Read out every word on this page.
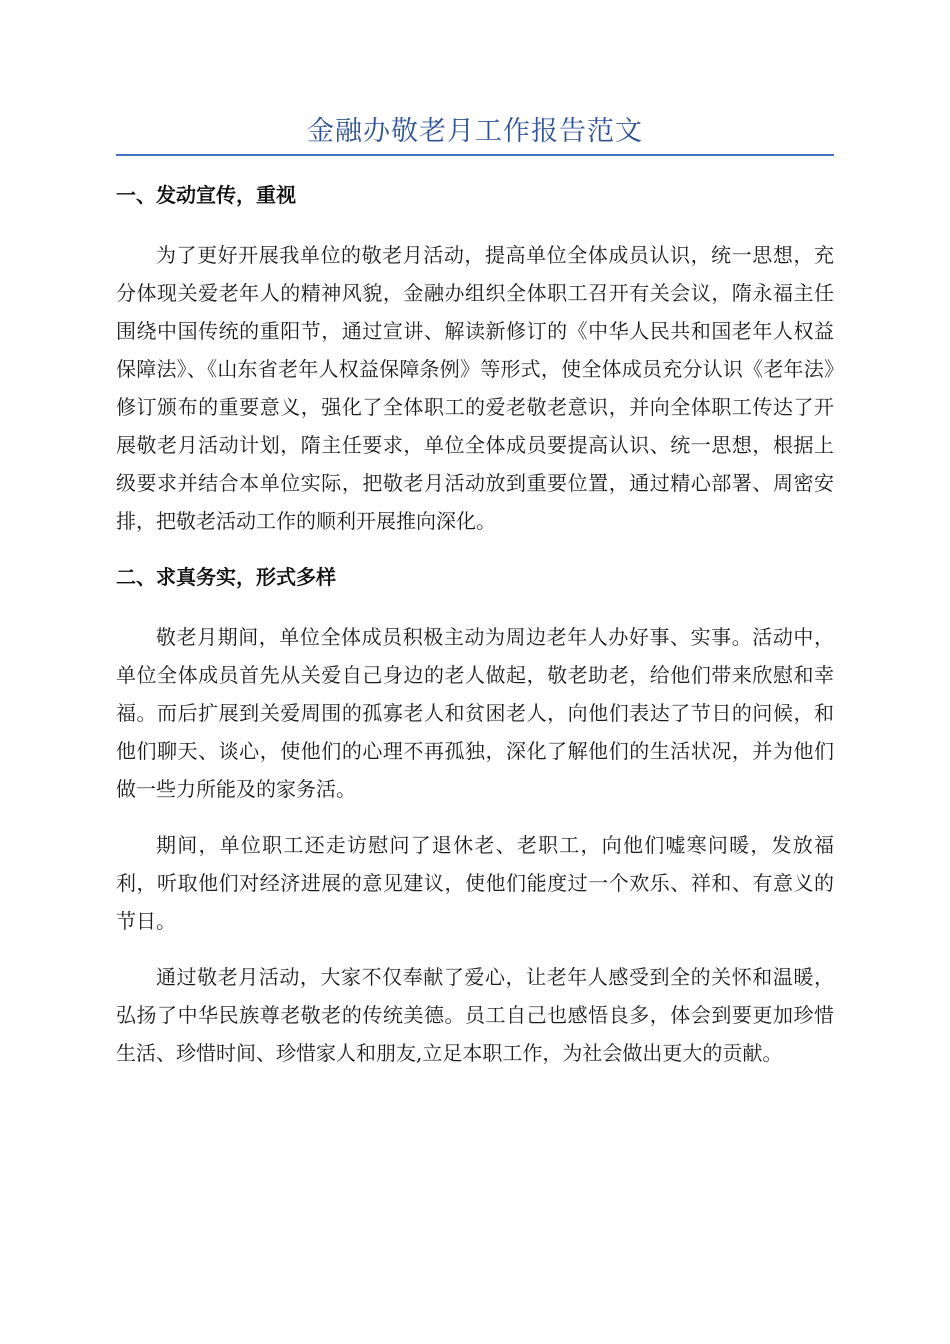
金融办敬老月工作报告范文
一、发动宣传，重视

为了更好开展我单位的敬老月活动，提高单位全体成员认识，统一思想，充分体现关爱老年人的精神风貌，金融办组织全体职工召开有关会议，隋永福主任围绕中国传统的重阳节，通过宣讲、解读新修订的《中华人民共和国老年人权益保障法》、《山东省老年人权益保障条例》等形式，使全体成员充分认识《老年法》修订颁布的重要意义，强化了全体职工的爱老敬老意识，并向全体职工传达了开展敬老月活动计划，隋主任要求，单位全体成员要提高认识、统一思想，根据上级要求并结合本单位实际，把敬老月活动放到重要位置，通过精心部署、周密安排，把敬老活动工作的顺利开展推向深化。

二、求真务实，形式多样

敬老月期间，单位全体成员积极主动为周边老年人办好事、实事。活动中，单位全体成员首先从关爱自己身边的老人做起，敬老助老，给他们带来欣慰和幸福。而后扩展到关爱周围的孤寡老人和贫困老人，向他们表达了节日的问候，和他们聊天、谈心，使他们的心理不再孤独，深化了解他们的生活状况，并为他们做一些力所能及的家务活。

期间，单位职工还走访慰问了退休老、老职工，向他们嘘寒问暖，发放福利，听取他们对经济进展的意见建议，使他们能度过一个欢乐、祥和、有意义的节日。

通过敬老月活动，大家不仅奉献了爱心，让老年人感受到全的关怀和温暖，弘扬了中华民族尊老敬老的传统美德。员工自己也感悟良多，体会到要更加珍惜生活、珍惜时间、珍惜家人和朋友,立足本职工作，为社会做出更大的贡献。
